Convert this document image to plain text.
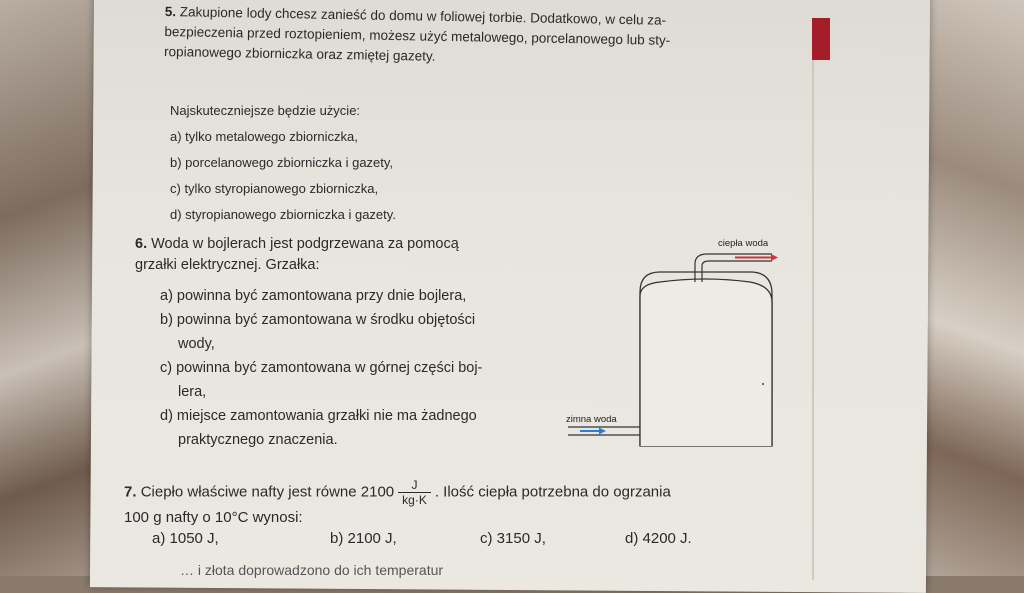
5. Zakupione lody chcesz zanieść do domu w foliowej torbie. Dodatkowo, w celu za-
bezpieczenia przed roztopieniem, możesz użyć metalowego, porcelanowego lub sty-
ropianowego zbiorniczka oraz zmiętej gazety.
Najskuteczniejsze będzie użycie:
a) tylko metalowego zbiorniczka,
b) porcelanowego zbiorniczka i gazety,
c) tylko styropianowego zbiorniczka,
d) styropianowego zbiorniczka i gazety.
6. Woda w bojlerach jest podgrzewana za pomocą
grzałki elektrycznej. Grzałka:
a) powinna być zamontowana przy dnie bojlera,
b) powinna być zamontowana w środku objętości
wody,
c) powinna być zamontowana w górnej części boj-
lera,
d) miejsce zamontowania grzałki nie ma żadnego
praktycznego znaczenia.
ciepła woda
zimna woda
7. Ciepło właściwe nafty jest równe $2100 \frac{J}{kg\cdot K}$ . Ilość ciepła potrzebna do ogrzania
100 g nafty o 10°C wynosi:
a) 1050 J,	b) 2100 J,	c) 3150 J,	d) 4200 J.
… i złota doprowadzono do ich temperatur
